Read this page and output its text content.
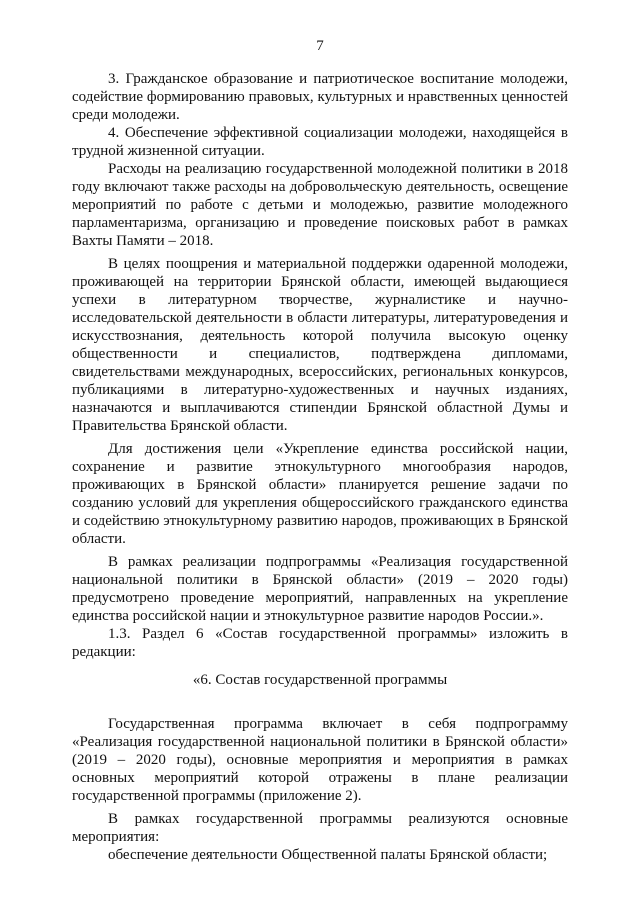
7

3. Гражданское образование и патриотическое воспитание молодежи, содействие формированию правовых, культурных и нравственных ценностей среди молодежи.

4. Обеспечение эффективной социализации молодежи, находящейся в трудной жизненной ситуации.

Расходы на реализацию государственной молодежной политики в 2018 году включают также расходы на добровольческую деятельность, освещение мероприятий по работе с детьми и молодежью, развитие молодежного парламентаризма, организацию и проведение поисковых работ в рамках Вахты Памяти – 2018.

В целях поощрения и материальной поддержки одаренной молодежи, проживающей на территории Брянской области, имеющей выдающиеся успехи в литературном творчестве, журналистике и научно-исследовательской деятельности в области литературы, литературоведения и искусствознания, деятельность которой получила высокую оценку общественности и специалистов, подтверждена дипломами, свидетельствами международных, всероссийских, региональных конкурсов, публикациями в литературно-художественных и научных изданиях, назначаются и выплачиваются стипендии Брянской областной Думы и Правительства Брянской области.

Для достижения цели «Укрепление единства российской нации, сохранение и развитие этнокультурного многообразия народов, проживающих в Брянской области» планируется решение задачи по созданию условий для укрепления общероссийского гражданского единства и содействию этнокультурному развитию народов, проживающих в Брянской области.

В рамках реализации подпрограммы «Реализация государственной национальной политики в Брянской области» (2019 – 2020 годы) предусмотрено проведение мероприятий, направленных на укрепление единства российской нации и этнокультурное развитие народов России.».

1.3. Раздел 6 «Состав государственной программы» изложить в редакции:

«6. Состав государственной программы

Государственная программа включает в себя подпрограмму «Реализация государственной национальной политики в Брянской области» (2019 – 2020 годы), основные мероприятия и мероприятия в рамках основных мероприятий которой отражены в плане реализации государственной программы (приложение 2).

В рамках государственной программы реализуются основные мероприятия:

обеспечение деятельности Общественной палаты Брянской области;
